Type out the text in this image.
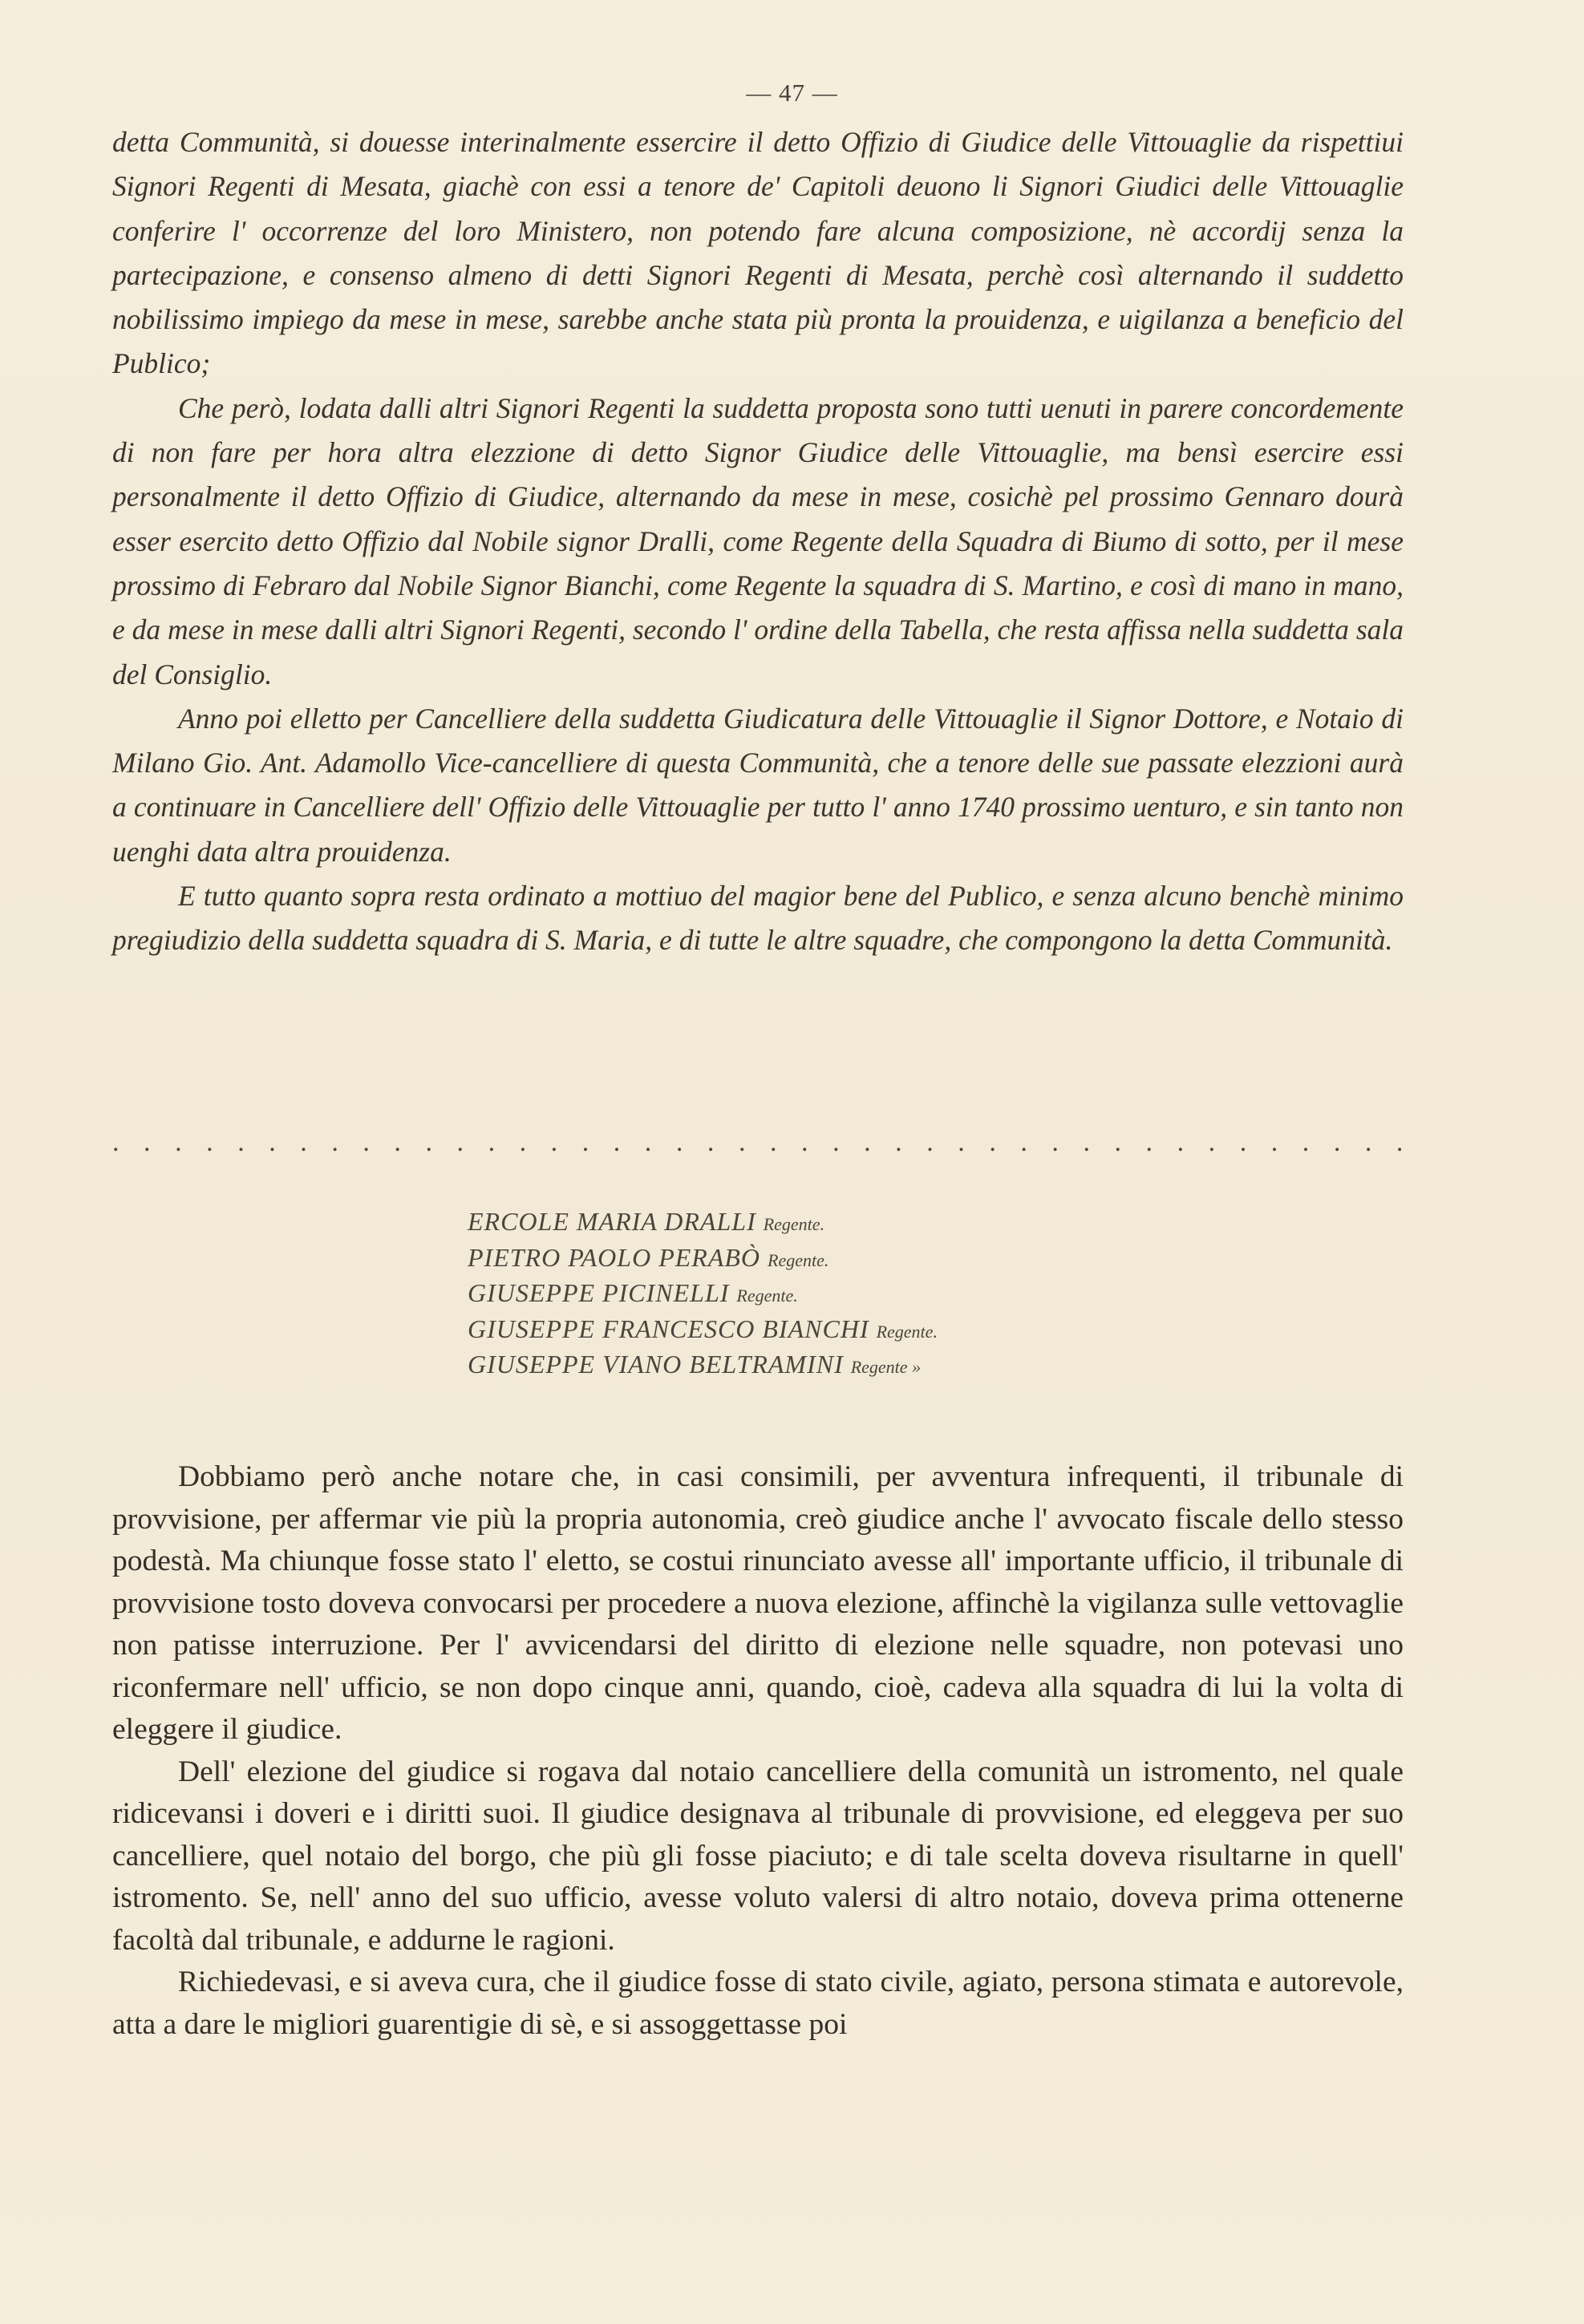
— 47 —

detta Communità, si douesse interinalmente essercire il detto Offizio di Giudice delle Vittouaglie da rispettiui Signori Regenti di Mesata, giachè con essi a tenore de' Capitoli deuono li Signori Giudici delle Vittouaglie conferire l' occorrenze del loro Ministero, non potendo fare alcuna composizione, nè accordij senza la partecipazione, e consenso almeno di detti Signori Regenti di Mesata, perchè così alternando il suddetto nobilissimo impiego da mese in mese, sarebbe anche stata più pronta la prouidenza, e uigilanza a beneficio del Publico;

Che però, lodata dalli altri Signori Regenti la suddetta proposta sono tutti uenuti in parere concordemente di non fare per hora altra elezzione di detto Signor Giudice delle Vittouaglie, ma bensì esercire essi personalmente il detto Offizio di Giudice, alternando da mese in mese, cosichè pel prossimo Gennaro dourà esser esercito detto Offizio dal Nobile signor Dralli, come Regente della Squadra di Biumo di sotto, per il mese prossimo di Febraro dal Nobile Signor Bianchi, come Regente la squadra di S. Martino, e così di mano in mano, e da mese in mese dalli altri Signori Regenti, secondo l' ordine della Tabella, che resta affissa nella suddetta sala del Consiglio.

Anno poi elletto per Cancelliere della suddetta Giudicatura delle Vittouaglie il Signor Dottore, e Notaio di Milano Gio. Ant. Adamollo Vice-cancelliere di questa Communità, che a tenore delle sue passate elezzioni aurà a continuare in Cancelliere dell' Offizio delle Vittouaglie per tutto l' anno 1740 prossimo uenturo, e sin tanto non uenghi data altra prouidenza.

E tutto quanto sopra resta ordinato a mottiuo del magior bene del Publico, e senza alcuno benchè minimo pregiudizio della suddetta squadra di S. Maria, e di tutte le altre squadre, che compongono la detta Communità.

. . . . . . . . . . . . . . . . . . . . . . . . . . . . . . . . . . . . . . . . . .
ERCOLE MARIA DRALLI Regente.
PIETRO PAOLO PERABÒ Regente.
GIUSEPPE PICINELLI Regente.
GIUSEPPE FRANCESCO BIANCHI Regente.
GIUSEPPE VIANO BELTRAMINI Regente »

Dobbiamo però anche notare che, in casi consimili, per avventura infrequenti, il tribunale di provvisione, per affermar vie più la propria autonomia, creò giudice anche l' avvocato fiscale dello stesso podestà. Ma chiunque fosse stato l' eletto, se costui rinunciato avesse all' importante ufficio, il tribunale di provvisione tosto doveva convocarsi per procedere a nuova elezione, affinchè la vigilanza sulle vettovaglie non patisse interruzione. Per l' avvicendarsi del diritto di elezione nelle squadre, non potevasi uno riconfermare nell' ufficio, se non dopo cinque anni, quando, cioè, cadeva alla squadra di lui la volta di eleggere il giudice.

Dell' elezione del giudice si rogava dal notaio cancelliere della comunità un istromento, nel quale ridicevansi i doveri e i diritti suoi. Il giudice designava al tribunale di provvisione, ed eleggeva per suo cancelliere, quel notaio del borgo, che più gli fosse piaciuto; e di tale scelta doveva risultarne in quell' istromento. Se, nell' anno del suo ufficio, avesse voluto valersi di altro notaio, doveva prima ottenerne facoltà dal tribunale, e addurne le ragioni.

Richiedevasi, e si aveva cura, che il giudice fosse di stato civile, agiato, persona stimata e autorevole, atta a dare le migliori guarentigie di sè, e si assoggettasse poi
